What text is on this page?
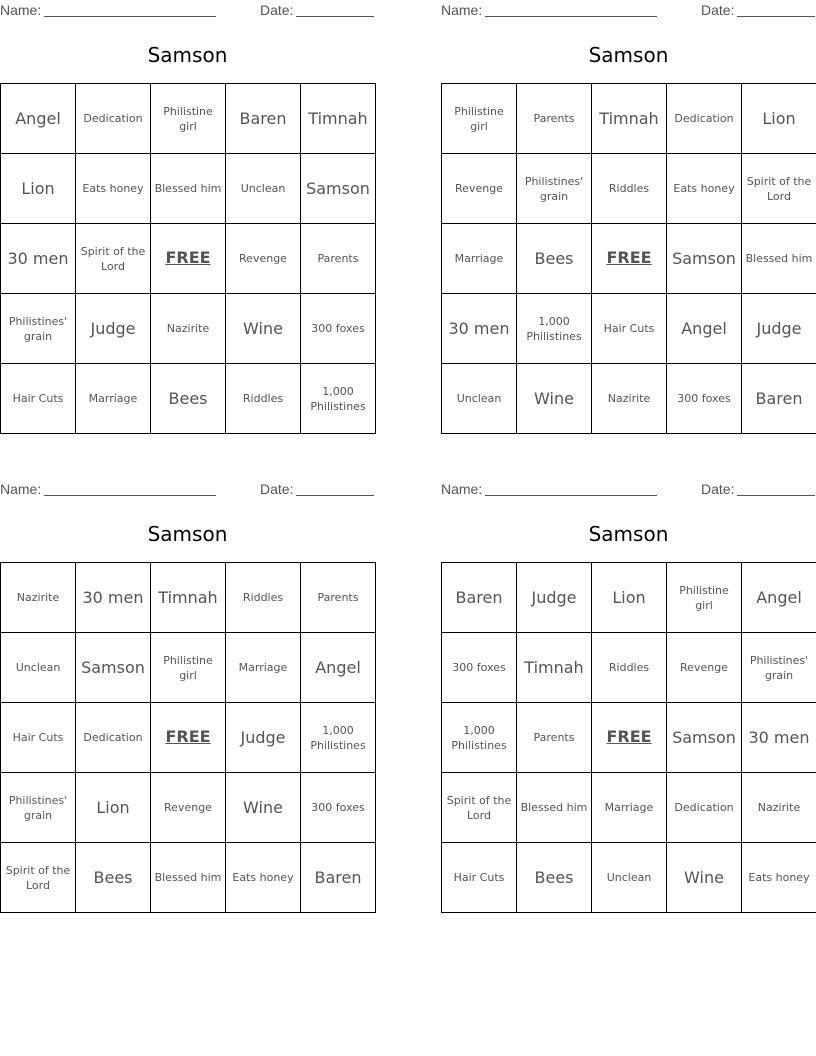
Name:	Date:
Samson
Angel	Dedication	Philistine girl	Baren	Timnah
Lion	Eats honey	Blessed him	Unclean	Samson
30 men	Spirit of the Lord	FREE	Revenge	Parents
Philistines' grain	Judge	Nazirite	Wine	300 foxes
Hair Cuts	Marriage	Bees	Riddles	1,000 Philistines
Name:	Date:
Samson
Philistine girl	Parents	Timnah	Dedication	Lion
Revenge	Philistines' grain	Riddles	Eats honey	Spirit of the Lord
Marriage	Bees	FREE	Samson	Blessed him
30 men	1,000 Philistines	Hair Cuts	Angel	Judge
Unclean	Wine	Nazirite	300 foxes	Baren
Name:	Date:
Samson
Nazirite	30 men	Timnah	Riddles	Parents
Unclean	Samson	Philistine girl	Marriage	Angel
Hair Cuts	Dedication	FREE	Judge	1,000 Philistines
Philistines' grain	Lion	Revenge	Wine	300 foxes
Spirit of the Lord	Bees	Blessed him	Eats honey	Baren
Name:	Date:
Samson
Baren	Judge	Lion	Philistine girl	Angel
300 foxes	Timnah	Riddles	Revenge	Philistines' grain
1,000 Philistines	Parents	FREE	Samson	30 men
Spirit of the Lord	Blessed him	Marriage	Dedication	Nazirite
Hair Cuts	Bees	Unclean	Wine	Eats honey
